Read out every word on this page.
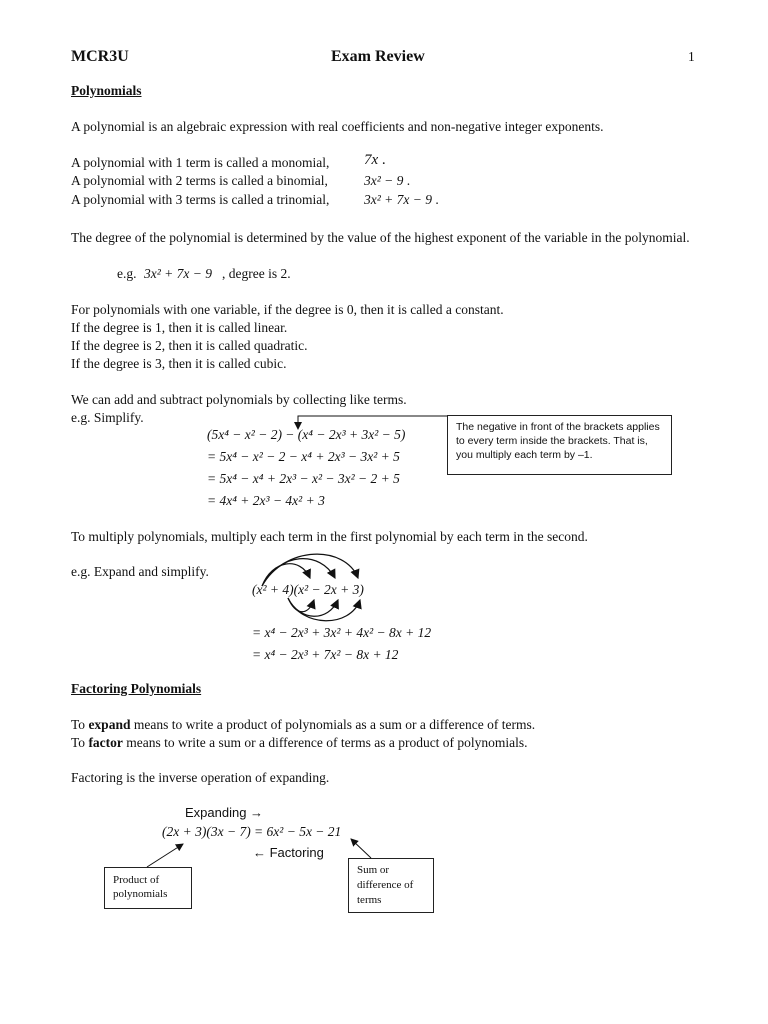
MCR3U	Exam Review	1
Polynomials
A polynomial is an algebraic expression with real coefficients and non-negative integer exponents.
A polynomial with 1 term is called a monomial, 7x .
A polynomial with 2 terms is called a binomial,	3x² − 9 .
A polynomial with 3 terms is called a trinomial,	3x² + 7x − 9 .
The degree of the polynomial is determined by the value of the highest exponent of the variable in the polynomial.
e.g. 3x² + 7x − 9 , degree is 2.
For polynomials with one variable, if the degree is 0, then it is called a constant.
If the degree is 1, then it is called linear.
If the degree is 2, then it is called quadratic.
If the degree is 3, then it is called cubic.
We can add and subtract polynomials by collecting like terms.
e.g. Simplify.
(5x⁴ − x² − 2) − (x⁴ − 2x³ + 3x² − 5)
= 5x⁴ − x² − 2 − x⁴ + 2x³ − 3x² + 5
= 5x⁴ − x⁴ + 2x³ − x² − 3x² − 2 + 5
= 4x⁴ + 2x³ − 4x² + 3
The negative in front of the brackets applies to every term inside the brackets. That is, you multiply each term by –1.
To multiply polynomials, multiply each term in the first polynomial by each term in the second.
e.g. Expand and simplify.
(x² + 4)(x² − 2x + 3)
= x⁴ − 2x³ + 3x² + 4x² − 8x + 12
= x⁴ − 2x³ + 7x² − 8x + 12
Factoring Polynomials
To expand means to write a product of polynomials as a sum or a difference of terms.
To factor means to write a sum or a difference of terms as a product of polynomials.
Factoring is the inverse operation of expanding.
Expanding →
(2x + 3)(3x − 7) = 6x² − 5x − 21
← Factoring
Product of polynomials
Sum or difference of terms
